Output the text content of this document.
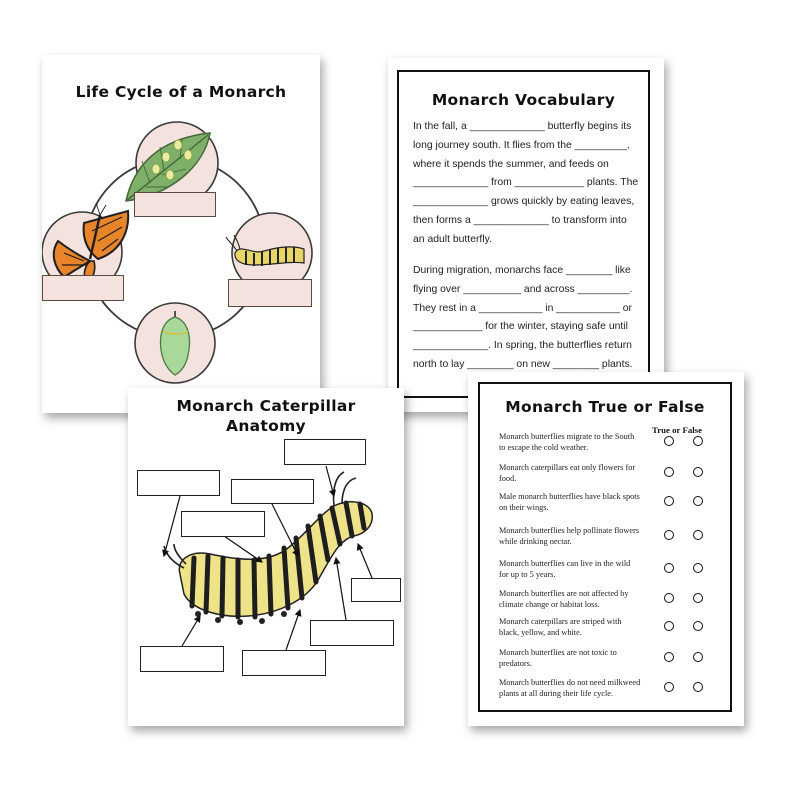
Life Cycle of a Monarch	Monarch Vocabulary
In the fall, a _____________ butterfly begins its
long journey south. It flies from the _________,
where it spends the summer, and feeds on
_____________ from ____________ plants. The
_____________ grows quickly by eating leaves,
then forms a _____________ to transform into
an adult butterfly.
During migration, monarchs face ________ like
flying over __________ and across _________.
They rest in a ___________ in ___________ or
____________ for the winter, staying safe until
_____________. In spring, the butterflies return
north to lay ________ on new ________ plants.
Monarch Caterpillar
Anatomy
Monarch True or False
True or False
Monarch butterflies migrate to the South to escape the cold weather.
Monarch caterpillars eat only flowers for food.
Male monarch butterflies have black spots on their wings.
Monarch butterflies help pollinate flowers while drinking nectar.
Monarch butterflies can live in the wild for up to 5 years.
Monarch butterflies are not affected by climate change or habitat loss.
Monarch caterpillars are striped with black, yellow, and white.
Monarch butterflies are not toxic to predators.
Monarch butterflies do not need milkweed plants at all during their life cycle.
